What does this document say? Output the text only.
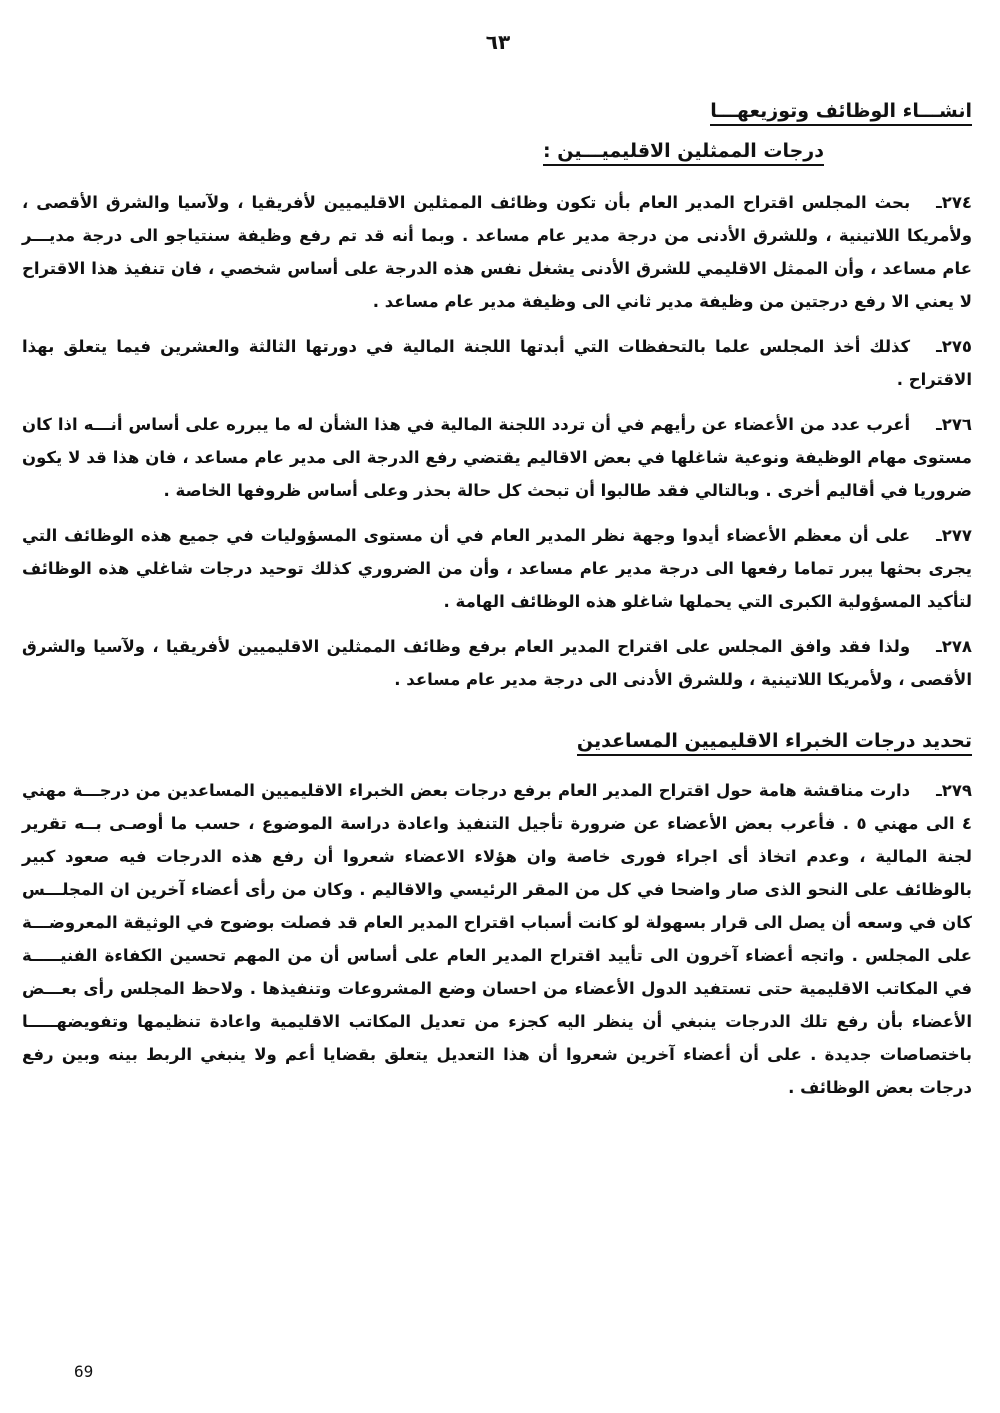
٦٣
انشـــاء الوظائف وتوزيعهـــا
درجات الممثلين الاقليميـــين :

٢٧٤ـبحث المجلس اقتراح المدير العام بأن تكون وظائف الممثلين الاقليميين لأفريقيا ، ولآسيا والشرق الأقصى ، ولأمريكا اللاتينية ، وللشرق الأدنى من درجة مدير عام مساعد . وبما أنه قد تم رفع وظيفة سنتياجو الى درجة مديـــر عام مساعد ، وأن الممثل الاقليمي للشرق الأدنى يشغل نفس هذه الدرجة على أساس شخصي ، فان تنفيذ هذا الاقتراح لا يعني الا رفع درجتين من وظيفة مدير ثاني الى وظيفة مدير عام مساعد .

٢٧٥ـكذلك أخذ المجلس علما بالتحفظات التي أبدتها اللجنة المالية في دورتها الثالثة والعشرين فيما يتعلق بهذا الاقتراح .

٢٧٦ـأعرب عدد من الأعضاء عن رأيهم في أن تردد اللجنة المالية في هذا الشأن له ما يبرره على أساس أنـــه اذا كان مستوى مهام الوظيفة ونوعية شاغلها في بعض الاقاليم يقتضي رفع الدرجة الى مدير عام مساعد ، فان هذا قد لا يكون ضروريا في أقاليم أخرى . وبالتالي فقد طالبوا أن تبحث كل حالة بحذر وعلى أساس ظروفها الخاصة .

٢٧٧ـعلى أن معظم الأعضاء أيدوا وجهة نظر المدير العام في أن مستوى المسؤوليات في جميع هذه الوظائف التي يجرى بحثها يبرر تماما رفعها الى درجة مدير عام مساعد ، وأن من الضروري كذلك توحيد درجات شاغلي هذه الوظائف لتأكيد المسؤولية الكبرى التي يحملها شاغلو هذه الوظائف الهامة .

٢٧٨ـولذا فقد وافق المجلس على اقتراح المدير العام برفع وظائف الممثلين الاقليميين لأفريقيا ، ولآسيا والشرق الأقصى ، ولأمريكا اللاتينية ، وللشرق الأدنى الى درجة مدير عام مساعد .

تحديد درجات الخبراء الاقليميين المساعدين

٢٧٩ـدارت مناقشة هامة حول اقتراح المدير العام برفع درجات بعض الخبراء الاقليميين المساعدين من درجـــة مهني ٤ الى مهني ٥ . فأعرب بعض الأعضاء عن ضرورة تأجيل التنفيذ واعادة دراسة الموضوع ، حسب ما أوصـى بــه تقرير لجنة المالية ، وعدم اتخاذ أى اجراء فورى خاصة وان هؤلاء الاعضاء شعروا أن رفع هذه الدرجات فيه صعود كبير بالوظائف على النحو الذى صار واضحا في كل من المقر الرئيسي والاقاليم . وكان من رأى أعضاء آخرين ان المجلـــس كان في وسعه أن يصل الى قرار بسهولة لو كانت أسباب اقتراح المدير العام قد فصلت بوضوح في الوثيقة المعروضـــة على المجلس . واتجه أعضاء آخرون الى تأييد اقتراح المدير العام على أساس أن من المهم تحسين الكفاءة الفنيـــــة في المكاتب الاقليمية حتى تستفيد الدول الأعضاء من احسان وضع المشروعات وتنفيذها . ولاحظ المجلس رأى بعـــض الأعضاء بأن رفع تلك الدرجات ينبغي أن ينظر اليه كجزء من تعديل المكاتب الاقليمية واعادة تنظيمها وتفويضهـــــا باختصاصات جديدة . على أن أعضاء آخرين شعروا أن هذا التعديل يتعلق بقضايا أعم ولا ينبغي الربط بينه وبين رفع درجات بعض الوظائف .

69
